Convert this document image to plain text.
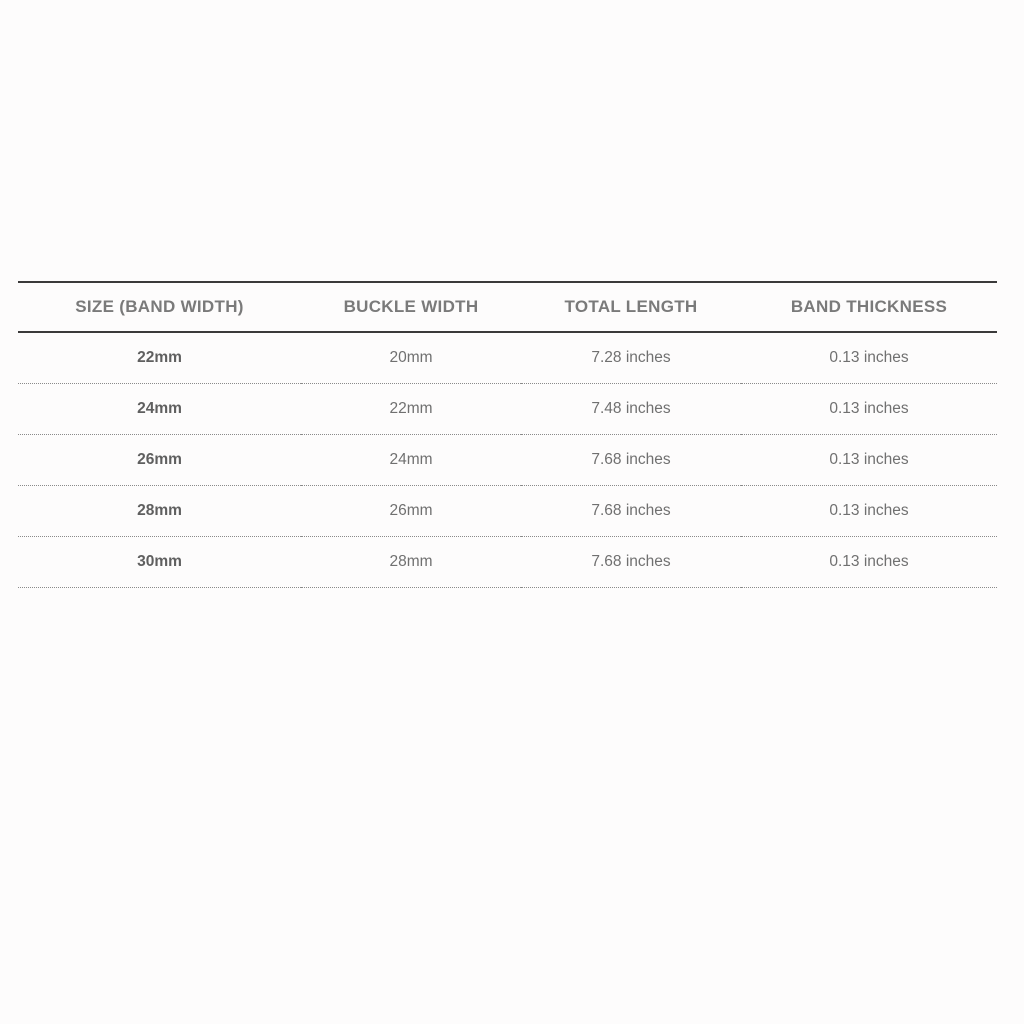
SIZE (BAND WIDTH)	BUCKLE WIDTH	TOTAL LENGTH	BAND THICKNESS
22mm	20mm	7.28 inches	0.13 inches
24mm	22mm	7.48 inches	0.13 inches
26mm	24mm	7.68 inches	0.13 inches
28mm	26mm	7.68 inches	0.13 inches
30mm	28mm	7.68 inches	0.13 inches
